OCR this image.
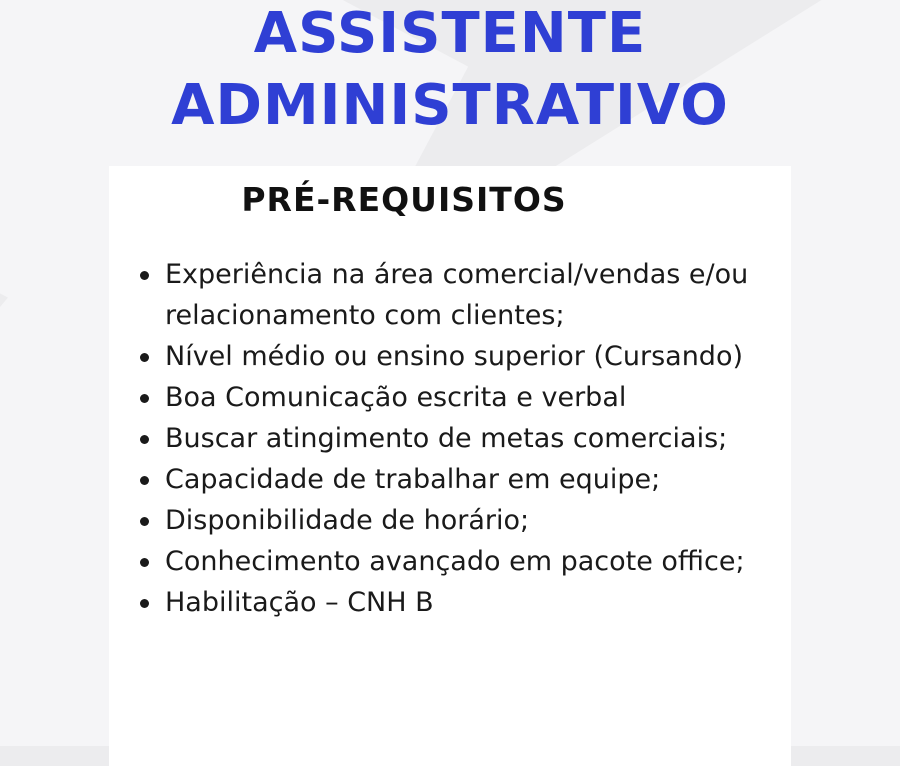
ASSISTENTE
ADMINISTRATIVO
PRÉ-REQUISITOS
Experiência na área comercial/vendas e/ou relacionamento com clientes;
Nível médio ou ensino superior (Cursando)
Boa Comunicação escrita e verbal
Buscar atingimento de metas comerciais;
Capacidade de trabalhar em equipe;
Disponibilidade de horário;
Conhecimento avançado em pacote office;
Habilitação – CNH B
